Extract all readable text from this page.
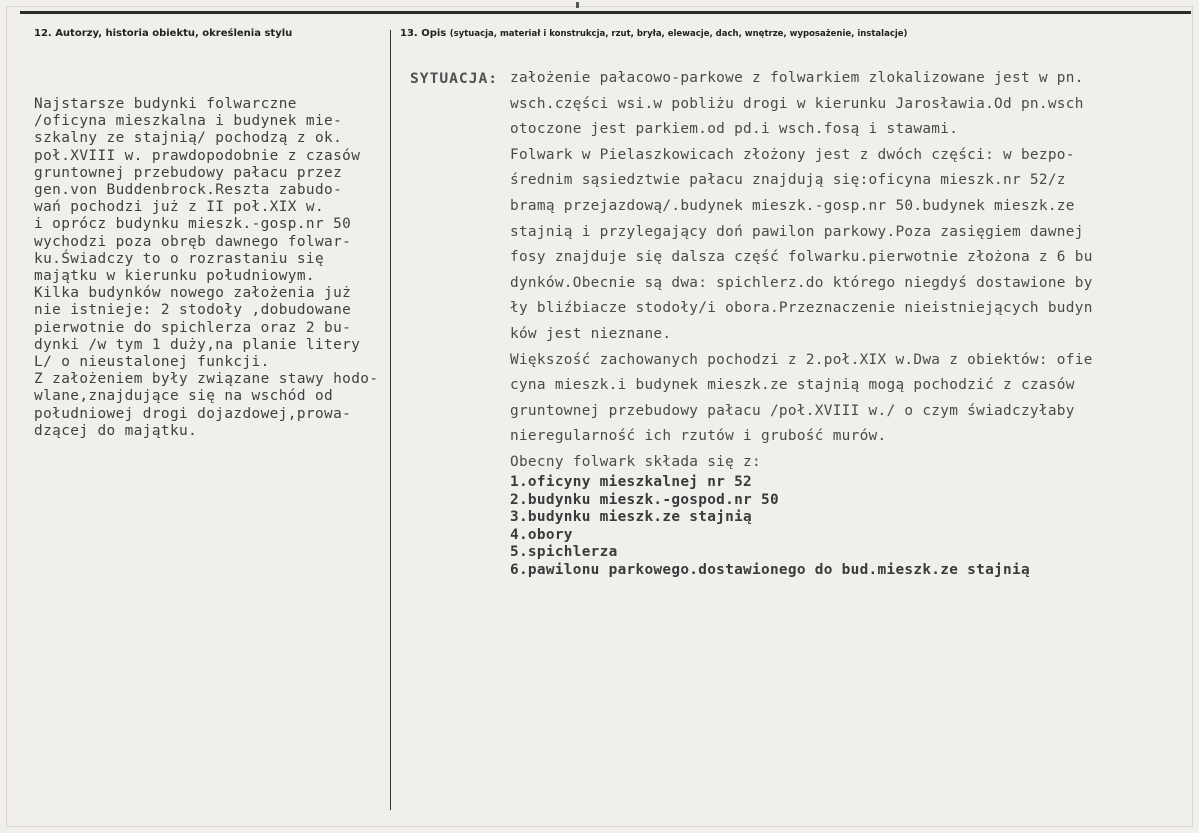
12. Autorzy, historia obiektu, określenia stylu	13. Opis (sytuacja, materiał i konstrukcja, rzut, bryła, elewacje, dach, wnętrze, wyposażenie, instalacje)
Najstarsze budynki folwarczne
/oficyna mieszkalna i budynek mie-
szkalny ze stajnią/ pochodzą z ok.
poł.XVIII w. prawdopodobnie z czasów
gruntownej przebudowy pałacu przez
gen.von Buddenbrock.Reszta zabudo-
wań pochodzi już z II poł.XIX w.
i oprócz budynku mieszk.-gosp.nr 50
wychodzi poza obręb dawnego folwar-
ku.Świadczy to o rozrastaniu się
majątku w kierunku południowym.
Kilka budynków nowego założenia już
nie istnieje: 2 stodoły ,dobudowane
pierwotnie do spichlerza oraz 2 bu-
dynki /w tym 1 duży,na planie litery
L/ o nieustalonej funkcji.
Z założeniem były związane stawy hodo-
wlane,znajdujące się na wschód od
południowej drogi dojazdowej,prowa-
dzącej do majątku.
SYTUACJA: założenie pałacowo-parkowe z folwarkiem zlokalizowane jest w pn.
wsch.części wsi.w pobliżu drogi w kierunku Jarosławia.Od pn.wsch
otoczone jest parkiem.od pd.i wsch.fosą i stawami.
Folwark w Pielaszkowicach złożony jest z dwóch części: w bezpo-
średnim sąsiedztwie pałacu znajdują się:oficyna mieszk.nr 52/z
bramą przejazdową/.budynek mieszk.-gosp.nr 50.budynek mieszk.ze
stajnią i przylegający doń pawilon parkowy.Poza zasięgiem dawnej
fosy znajduje się dalsza część folwarku.pierwotnie złożona z 6 bu
dynków.Obecnie są dwa: spichlerz.do którego niegdyś dostawione by
ły bliźbiacze stodoły/i obora.Przeznaczenie nieistniejących budyn
ków jest nieznane.
Większość zachowanych pochodzi z 2.poł.XIX w.Dwa z obiektów: ofie
cyna mieszk.i budynek mieszk.ze stajnią mogą pochodzić z czasów
gruntownej przebudowy pałacu /poł.XVIII w./ o czym świadczyłaby
nieregularność ich rzutów i grubość murów.
Obecny folwark składa się z:
1.oficyny mieszkalnej nr 52
2.budynku mieszk.-gospod.nr 50
3.budynku mieszk.ze stajnią
4.obory
5.spichlerza
6.pawilonu parkowego.dostawionego do bud.mieszk.ze stajnią
